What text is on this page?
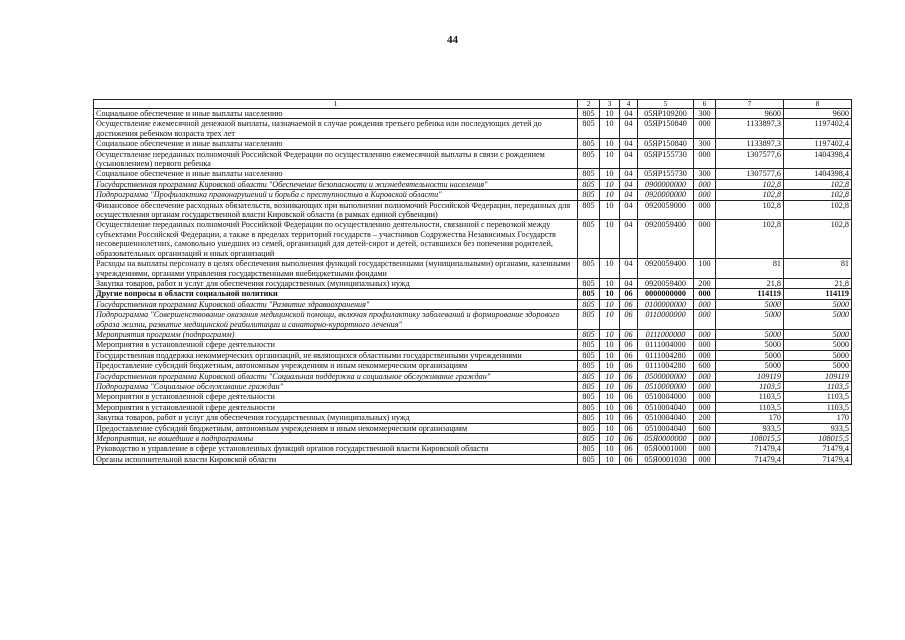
44
1	2	3	4	5	6	7	8
Социальное обеспечение и иные выплаты населению	805	10	04	05ЯР109200	300	9600	9600
Осуществление ежемесячной денежной выплаты, назначаемой в случае рождения третьего ребенка или последующих детей до достижения ребенком возраста трех лет	805	10	04	05ЯР150840	000	1133897,3	1197402,4
Социальное обеспечение и иные выплаты населению	805	10	04	05ЯР150840	300	1133897,3	1197402,4
Осуществление переданных полномочий Российской Федерации по осуществлению ежемесячной выплаты в связи с рождением (усыновлением) первого ребенка	805	10	04	05ЯР155730	000	1307577,6	1404398,4
Социальное обеспечение и иные выплаты населению	805	10	04	05ЯР155730	300	1307577,6	1404398,4
Государственная программа Кировской области "Обеспечение безопасности и жизнедеятельности населения"	805	10	04	0900000000	000	102,8	102,8
Подпрограмма "Профилактика правонарушений и борьба с преступностью в Кировской области"	805	10	04	0920000000	000	102,8	102,8
Финансовое обеспечение расходных обязательств, возникающих при выполнении полномочий Российской Федерации, переданных для осуществления органам государственной власти Кировской области (в рамках единой субвенции)	805	10	04	0920059000	000	102,8	102,8
Осуществление переданных полномочий Российской Федерации по осуществлению деятельности, связанной с перевозкой между субъектами Российской Федерации, а также в пределах территорий государств – участников Содружества Независимых Государств несовершеннолетних, самовольно ушедших из семей, организаций для детей-сирот и детей, оставшихся без попечения родителей, образовательных организаций и иных организаций	805	10	04	0920059400	000	102,8	102,8
Расходы на выплаты персоналу в целях обеспечения выполнения функций государственными (муниципальными) органами, казенными учреждениями, органами управления государственными внебюджетными фондами	805	10	04	0920059400	100	81	81
Закупка товаров, работ и услуг для обеспечения государственных (муниципальных) нужд	805	10	04	0920059400	200	21,8	21,8
Другие вопросы в области социальной политики	805	10	06	0000000000	000	114119	114119
Государственная программа Кировской области "Развитие здравоохранения"	805	10	06	0100000000	000	5000	5000
Подпрограмма "Совершенствование оказания медицинской помощи, включая профилактику заболеваний и формирование здорового образа жизни, развитие медицинской реабилитации и санаторно-курортного лечения"	805	10	06	0110000000	000	5000	5000
Мероприятия программ (подпрограмм)	805	10	06	0111000000	000	5000	5000
Мероприятия в установленной сфере деятельности	805	10	06	0111004000	000	5000	5000
Государственная поддержка некоммерческих организаций, не являющихся областными государственными учреждениями	805	10	06	0111004280	000	5000	5000
Предоставление субсидий бюджетным, автономным учреждениям и иным некоммерческим организациям	805	10	06	0111004280	600	5000	5000
Государственная программа Кировской области "Социальная поддержка и социальное обслуживание граждан"	805	10	06	0500000000	000	109119	109119
Подпрограмма "Социальное обслуживание граждан"	805	10	06	0510000000	000	1103,5	1103,5
Мероприятия в установленной сфере деятельности	805	10	06	0510004000	000	1103,5	1103,5
Мероприятия в установленной сфере деятельности	805	10	06	0510004040	000	1103,5	1103,5
Закупка товаров, работ и услуг для обеспечения государственных (муниципальных) нужд	805	10	06	0510004040	200	170	170
Предоставление субсидий бюджетным, автономным учреждениям и иным некоммерческим организациям	805	10	06	0510004040	600	933,5	933,5
Мероприятия, не вошедшие в подпрограммы	805	10	06	05Я0000000	000	108015,5	108015,5
Руководство и управление в сфере установленных функций органов государственной власти Кировской области	805	10	06	05Я0001000	000	71479,4	71479,4
Органы исполнительной власти Кировской области	805	10	06	05Я0001030	000	71479,4	71479,4
